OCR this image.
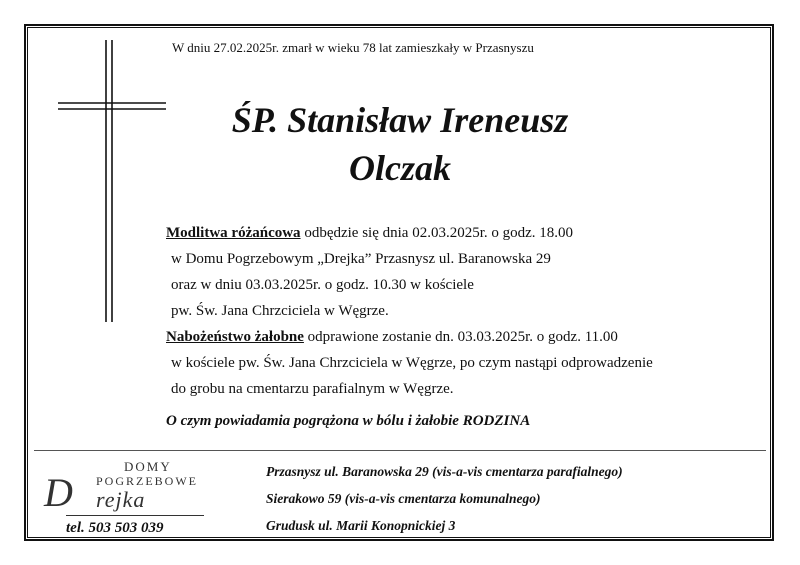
W dniu 27.02.2025r. zmarł w wieku 78 lat zamieszkały w Przasnyszu
ŚP. Stanisław Ireneusz
Olczak
Modlitwa różańcowa odbędzie się dnia 02.03.2025r. o godz. 18.00
w Domu Pogrzebowym „Drejka” Przasnysz ul. Baranowska 29
oraz w dniu 03.03.2025r. o godz. 10.30 w kościele
pw. Św. Jana Chrzciciela w Węgrze.
Nabożeństwo żałobne odprawione zostanie dn. 03.03.2025r. o godz. 11.00
w kościele pw. Św. Jana Chrzciciela w Węgrze, po czym nastąpi odprowadzenie
do grobu na cmentarzu parafialnym w Węgrze.
O czym powiadamia pogrążona w bólu i żałobie RODZINA
DOMY
POGRZEBOWE
D rejka
tel. 503 503 039
Przasnysz ul. Baranowska 29 (vis-a-vis cmentarza parafialnego)
Sierakowo 59 (vis-a-vis cmentarza komunalnego)
Grudusk ul. Marii Konopnickiej 3
